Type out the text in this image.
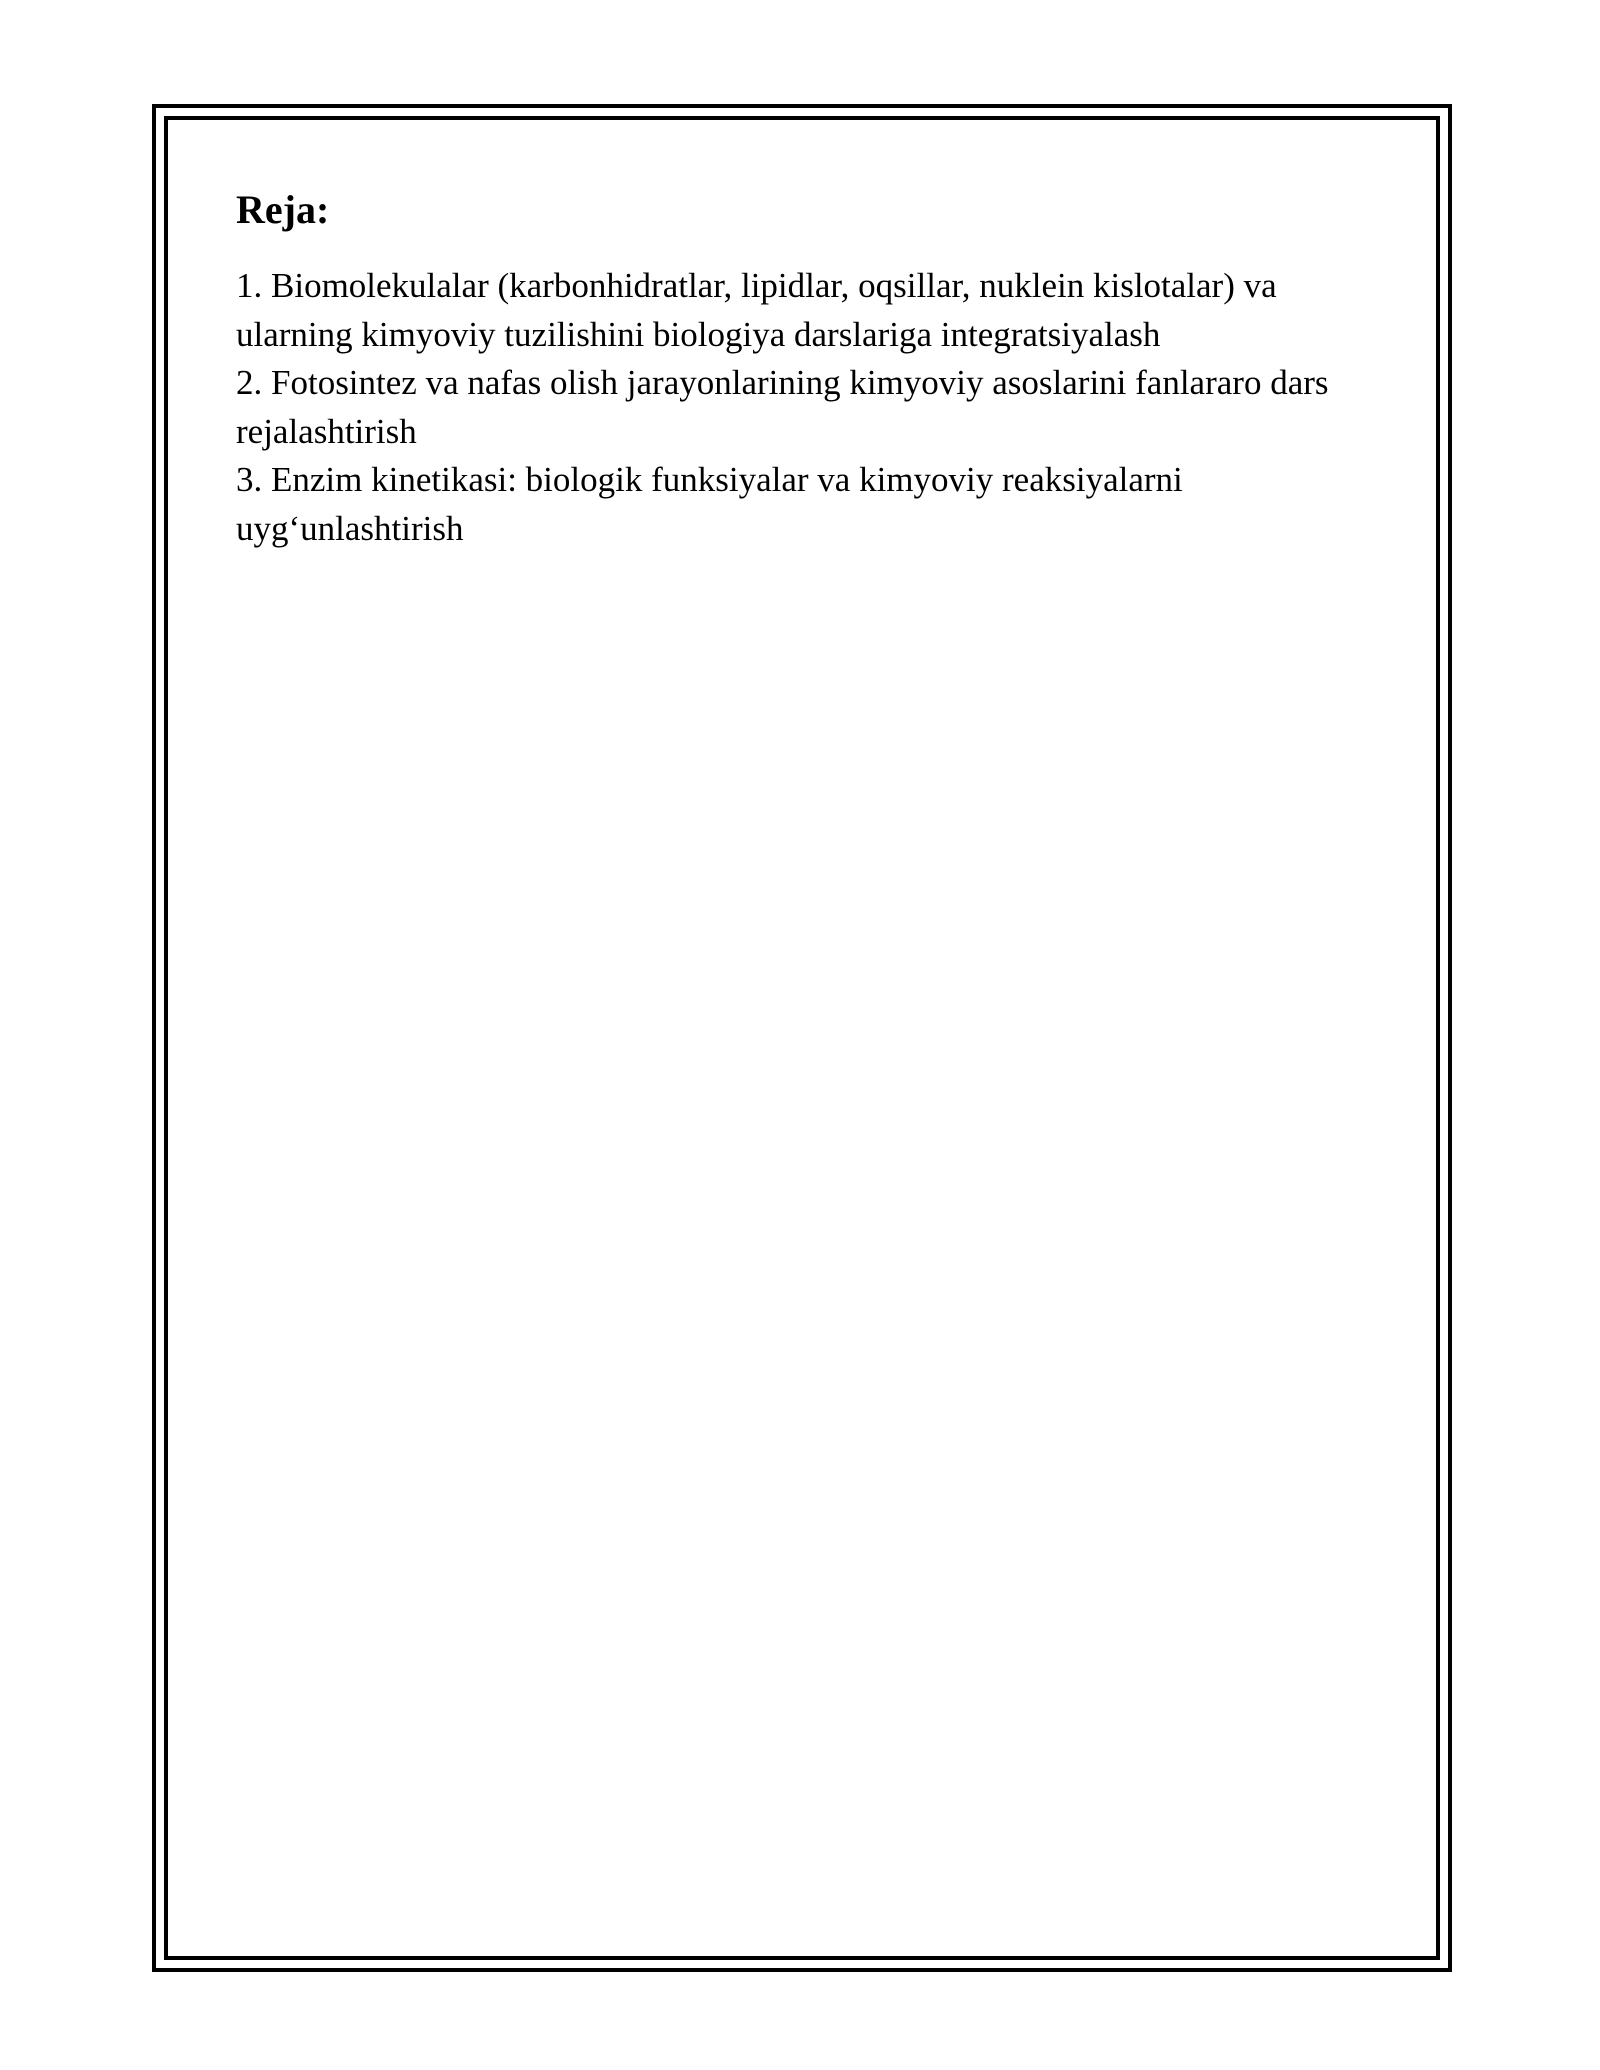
Reja:
1. Biomolekulalar (karbonhidratlar, lipidlar, oqsillar, nuklein kislotalar) va ularning kimyoviy tuzilishini biologiya darslariga integratsiyalash
2. Fotosintez va nafas olish jarayonlarining kimyoviy asoslarini fanlararo dars rejalashtirish
3. Enzim kinetikasi: biologik funksiyalar va kimyoviy reaksiyalarni uyg‘unlashtirish
